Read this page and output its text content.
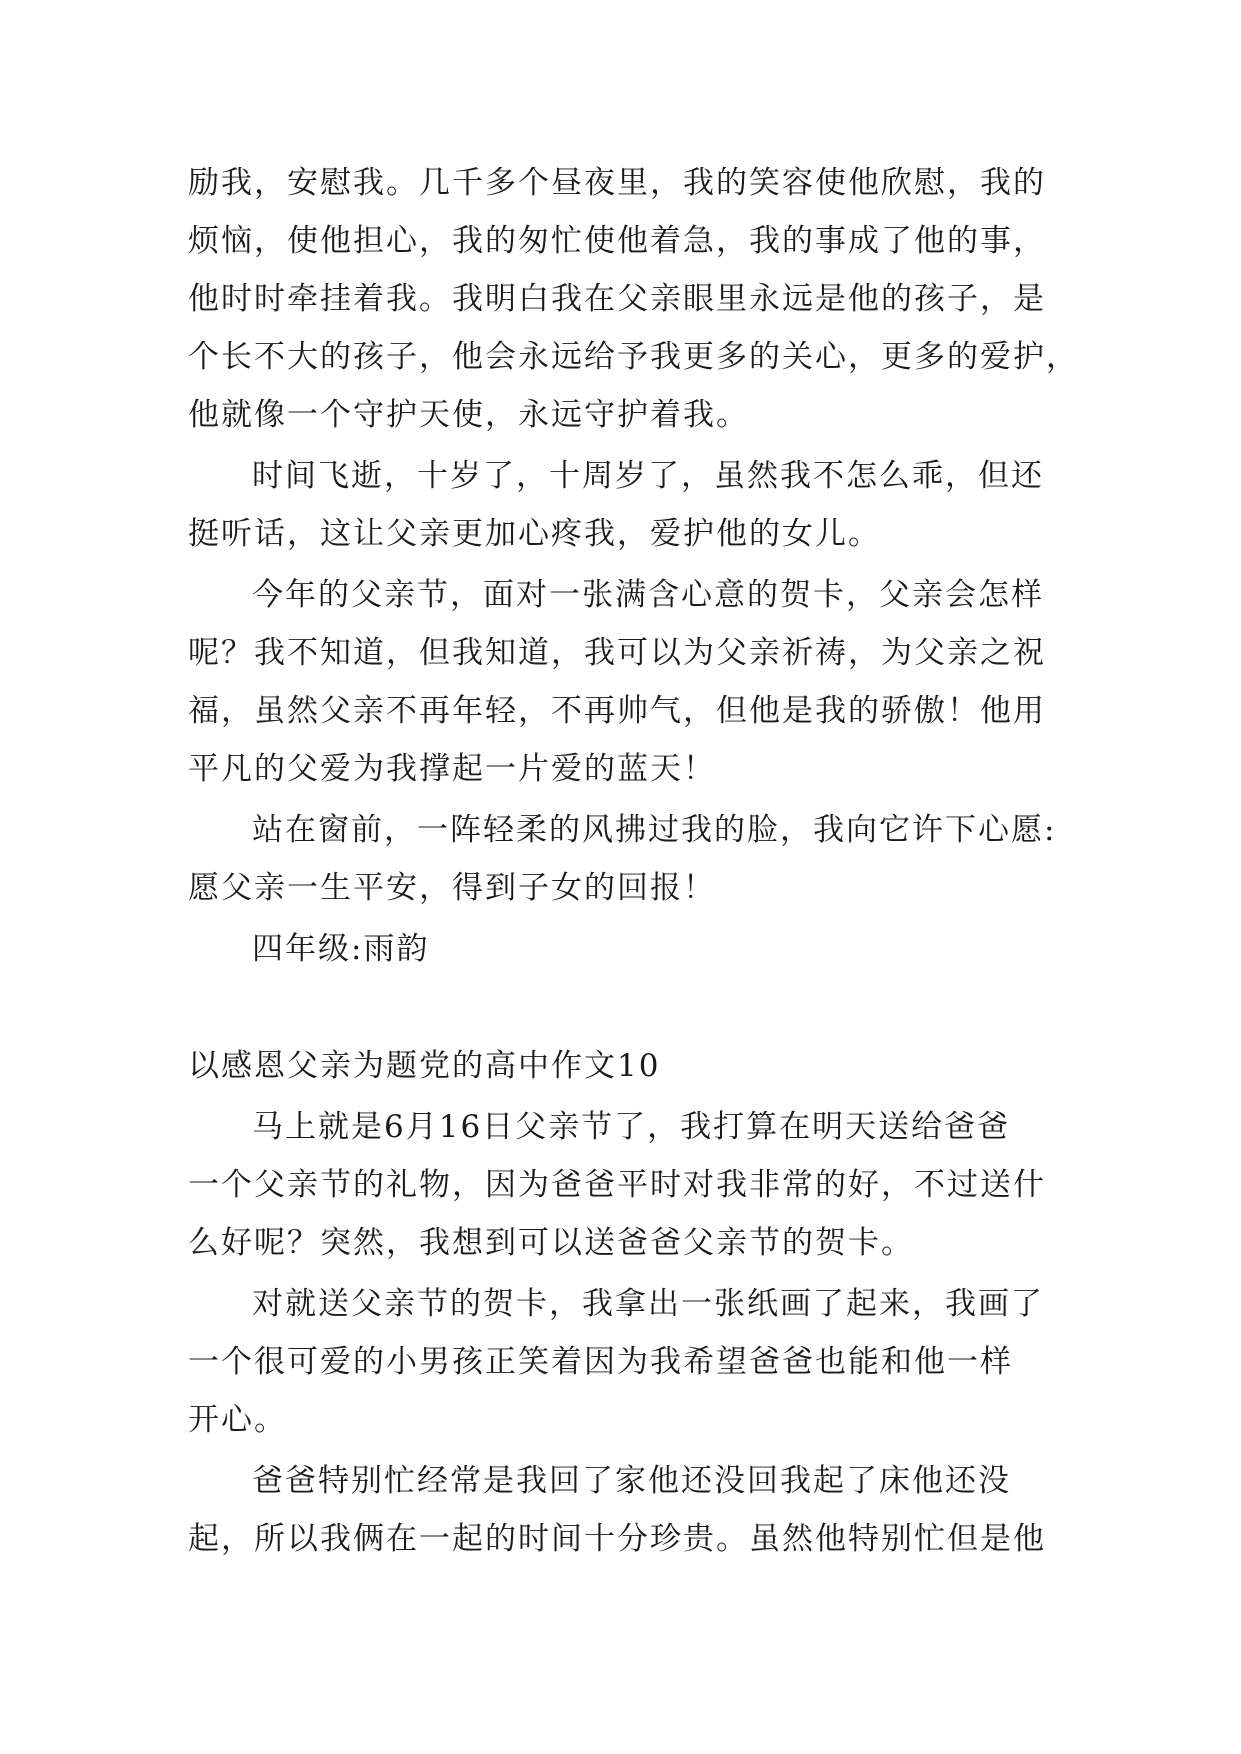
励我，安慰我。几千多个昼夜里，我的笑容使他欣慰，我的
烦恼，使他担心，我的匆忙使他着急，我的事成了他的事，
他时时牵挂着我。我明白我在父亲眼里永远是他的孩子，是
个长不大的孩子，他会永远给予我更多的关心，更多的爱护，
他就像一个守护天使，永远守护着我。
时间飞逝，十岁了，十周岁了，虽然我不怎么乖，但还
挺听话，这让父亲更加心疼我，爱护他的女儿。
今年的父亲节，面对一张满含心意的贺卡，父亲会怎样
呢？我不知道，但我知道，我可以为父亲祈祷，为父亲之祝
福，虽然父亲不再年轻，不再帅气，但他是我的骄傲！他用
平凡的父爱为我撑起一片爱的蓝天！
站在窗前，一阵轻柔的风拂过我的脸，我向它许下心愿:
愿父亲一生平安，得到子女的回报！
四年级:雨韵
以感恩父亲为题党的高中作文10
马上就是6月16日父亲节了，我打算在明天送给爸爸
一个父亲节的礼物，因为爸爸平时对我非常的好，不过送什
么好呢？突然，我想到可以送爸爸父亲节的贺卡。
对就送父亲节的贺卡，我拿出一张纸画了起来，我画了
一个很可爱的小男孩正笑着因为我希望爸爸也能和他一样
开心。
爸爸特别忙经常是我回了家他还没回我起了床他还没
起，所以我俩在一起的时间十分珍贵。虽然他特别忙但是他
